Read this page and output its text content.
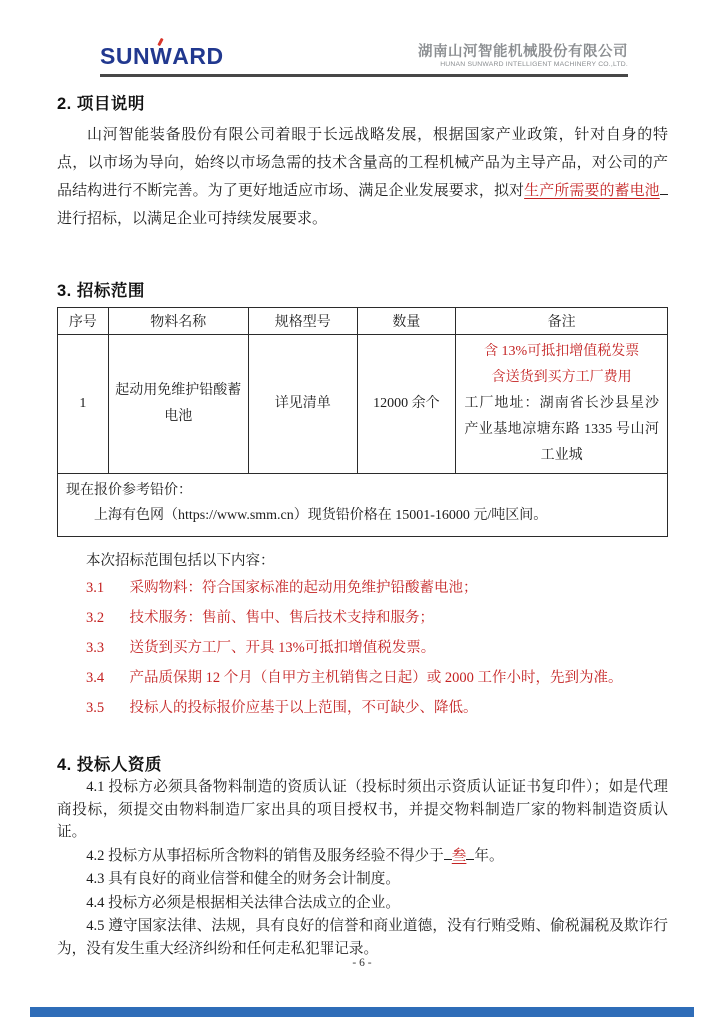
SUNW
ARD	湖南山河智能机械股份有限公司
HUNAN SUNWARD INTELLIGENT MACHINERY CO.,LTD.
2. 项目说明

山河智能装备股份有限公司着眼于长远战略发展，根据国家产业政策，针对自身的特点，以市场为导向，始终以市场急需的技术含量高的工程机械产品为主导产品，对公司的产品结构进行不断完善。为了更好地适应市场、满足企业发展要求，拟对生产所需要的蓄电池进行招标，以满足企业可持续发展要求。

3. 招标范围
序号	物料名称	规格型号	数量	备注
1	起动用免维护铅酸蓄电池	详见清单	12000 余个	含 13%可抵扣增值税发票
含送货到买方工厂费用
工厂地址：湖南省长沙县星沙产业基地凉塘东路 1335 号山河工业城

现在报价参考铅价：
上海有色网（https://www.smm.cn）现货铅价格在 15001-16000 元/吨区间。				

本次招标范围包括以下内容：

3.1 采购物料：符合国家标准的起动用免维护铅酸蓄电池；
3.2 技术服务：售前、售中、售后技术支持和服务；
3.3 送货到买方工厂、开具 13%可抵扣增值税发票。
3.4 产品质保期 12 个月（自甲方主机销售之日起）或 2000 工作小时，先到为准。
3.5 投标人的投标报价应基于以上范围，不可缺少、降低。
4. 投标人资质

4.1 投标方必须具备物料制造的资质认证（投标时须出示资质认证证书复印件）；如是代理商投标，须提交由物料制造厂家出具的项目授权书，并提交物料制造厂家的物料制造资质认证。

4.2 投标方从事招标所含物料的销售及服务经验不得少于 叁 年。

4.3 具有良好的商业信誉和健全的财务会计制度。

4.4 投标方必须是根据相关法律合法成立的企业。

4.5 遵守国家法律、法规，具有良好的信誉和商业道德，没有行贿受贿、偷税漏税及欺诈行为，没有发生重大经济纠纷和任何走私犯罪记录。

- 6 -
